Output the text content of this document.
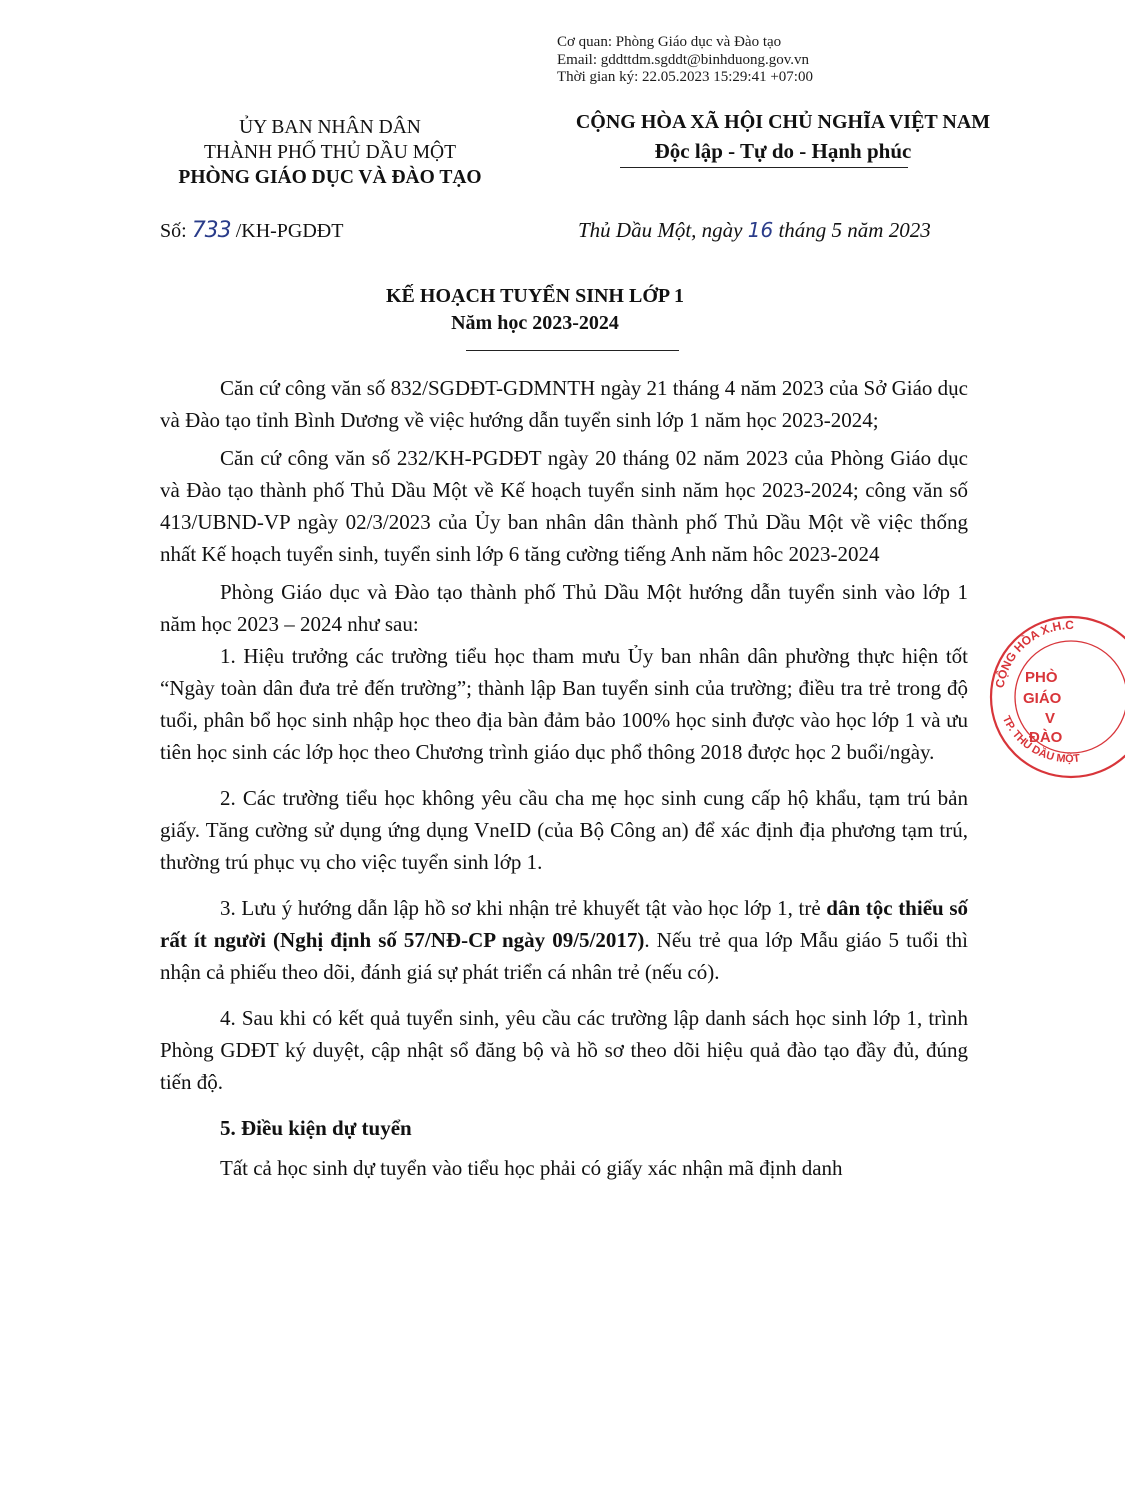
Cơ quan: Phòng Giáo dục và Đào tạo
Email: gddttdm.sgddt@binhduong.gov.vn
Thời gian ký: 22.05.2023 15:29:41 +07:00
ỦY BAN NHÂN DÂN
THÀNH PHỐ THỦ DẦU MỘT
PHÒNG GIÁO DỤC VÀ ĐÀO TẠO
CỘNG HÒA XÃ HỘI CHỦ NGHĨA VIỆT NAM
Độc lập - Tự do - Hạnh phúc
Số: 733 /KH-PGDĐT	Thủ Dầu Một, ngày 16 tháng 5 năm 2023
KẾ HOẠCH TUYỂN SINH LỚP 1
Năm học 2023-2024

Căn cứ công văn số 832/SGDĐT-GDMNTH ngày 21 tháng 4 năm 2023 của Sở Giáo dục và Đào tạo tỉnh Bình Dương về việc hướng dẫn tuyển sinh lớp 1 năm học 2023-2024;

Căn cứ công văn số 232/KH-PGDĐT ngày 20 tháng 02 năm 2023 của Phòng Giáo dục và Đào tạo thành phố Thủ Dầu Một về Kế hoạch tuyển sinh năm học 2023-2024; công văn số 413/UBND-VP ngày 02/3/2023 của Ủy ban nhân dân thành phố Thủ Dầu Một về việc thống nhất Kế hoạch tuyển sinh, tuyển sinh lớp 6 tăng cường tiếng Anh năm hôc 2023-2024

Phòng Giáo dục và Đào tạo thành phố Thủ Dầu Một hướng dẫn tuyển sinh vào lớp 1 năm học 2023 – 2024 như sau:

1. Hiệu trưởng các trường tiểu học tham mưu Ủy ban nhân dân phường thực hiện tốt “Ngày toàn dân đưa trẻ đến trường”; thành lập Ban tuyển sinh của trường; điều tra trẻ trong độ tuổi, phân bổ học sinh nhập học theo địa bàn đảm bảo 100% học sinh được vào học lớp 1 và ưu tiên học sinh các lớp học theo Chương trình giáo dục phổ thông 2018 được học 2 buổi/ngày.

2. Các trường tiểu học không yêu cầu cha mẹ học sinh cung cấp hộ khẩu, tạm trú bản giấy. Tăng cường sử dụng ứng dụng VneID (của Bộ Công an) để xác định địa phương tạm trú, thường trú phục vụ cho việc tuyển sinh lớp 1.

3. Lưu ý hướng dẫn lập hồ sơ khi nhận trẻ khuyết tật vào học lớp 1, trẻ dân tộc thiểu số rất ít người (Nghị định số 57/NĐ-CP ngày 09/5/2017). Nếu trẻ qua lớp Mẫu giáo 5 tuổi thì nhận cả phiếu theo dõi, đánh giá sự phát triển cá nhân trẻ (nếu có).

4. Sau khi có kết quả tuyển sinh, yêu cầu các trường lập danh sách học sinh lớp 1, trình Phòng GDĐT ký duyệt, cập nhật sổ đăng bộ và hồ sơ theo dõi hiệu quả đào tạo đầy đủ, đúng tiến độ.

5. Điều kiện dự tuyển

Tất cả học sinh dự tuyển vào tiểu học phải có giấy xác nhận mã định danh

CỘNG HÒA X.H.C
TP. THỦ DẦU MỘT
PHÒ
GIÁO
V
ĐÀO
